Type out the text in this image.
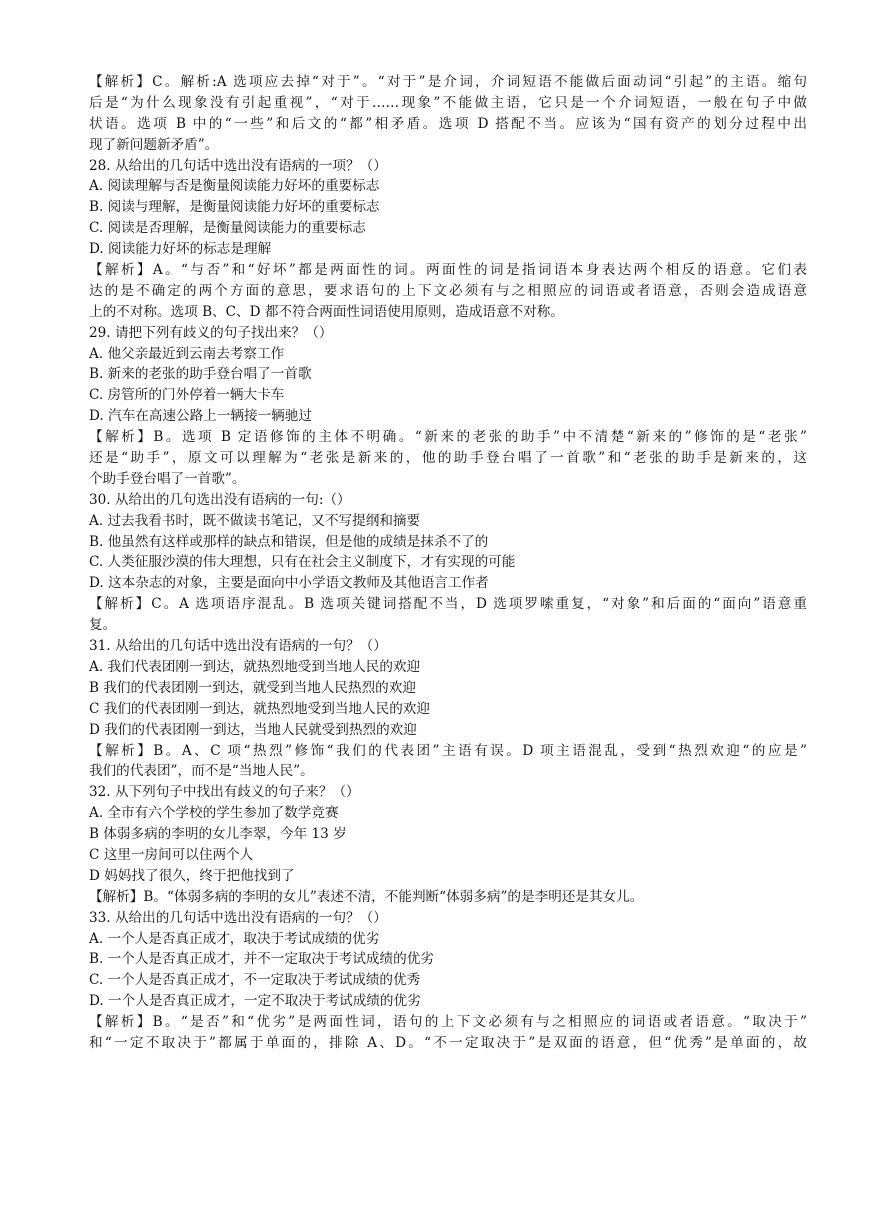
【解析】C。解析:A 选项应去掉“对于”。“对于”是介词，介词短语不能做后面动词“引起”的主语。缩句
后是“为什么现象没有引起重视”，“对于……现象”不能做主语，它只是一个介词短语，一般在句子中做
状语。选项 B 中的“一些”和后文的“都”相矛盾。选项 D 搭配不当。应该为“国有资产的划分过程中出
现了新问题新矛盾”。
28. 从给出的几句话中选出没有语病的一项？（）
A. 阅读理解与否是衡量阅读能力好坏的重要标志
B. 阅读与理解，是衡量阅读能力好坏的重要标志
C. 阅读是否理解，是衡量阅读能力的重要标志
D. 阅读能力好坏的标志是理解
【解析】A。“与否”和“好坏”都是两面性的词。两面性的词是指词语本身表达两个相反的语意。它们表
达的是不确定的两个方面的意思，要求语句的上下文必须有与之相照应的词语或者语意，否则会造成语意
上的不对称。选项 B、C、D 都不符合两面性词语使用原则，造成语意不对称。
29. 请把下列有歧义的句子找出来？（）
A. 他父亲最近到云南去考察工作
B. 新来的老张的助手登台唱了一首歌
C. 房管所的门外停着一辆大卡车
D. 汽车在高速公路上一辆接一辆驰过
【解析】B。选项 B 定语修饰的主体不明确。“新来的老张的助手”中不清楚“新来的”修饰的是“老张”
还是“助手”，原文可以理解为“老张是新来的，他的助手登台唱了一首歌”和“老张的助手是新来的，这
个助手登台唱了一首歌”。
30. 从给出的几句选出没有语病的一句:（）
A. 过去我看书时，既不做读书笔记，又不写提纲和摘要
B. 他虽然有这样或那样的缺点和错误，但是他的成绩是抹杀不了的
C. 人类征服沙漠的伟大理想，只有在社会主义制度下，才有实现的可能
D. 这本杂志的对象，主要是面向中小学语文教师及其他语言工作者
【解析】C。A 选项语序混乱。B 选项关键词搭配不当，D 选项罗嗦重复，“对象”和后面的“面向”语意重
复。
31. 从给出的几句话中选出没有语病的一句？（）
A. 我们代表团刚一到达，就热烈地受到当地人民的欢迎
B 我们的代表团刚一到达，就受到当地人民热烈的欢迎
C 我们的代表团刚一到达，就热烈地受到当地人民的欢迎
D 我们的代表团刚一到达，当地人民就受到热烈的欢迎
【解析】B。A、C 项“热烈”修饰“我们的代表团”主语有误。D 项主语混乱，受到“热烈欢迎“的应是”
我们的代表团”，而不是“当地人民”。
32. 从下列句子中找出有歧义的句子来？（）
A. 全市有六个学校的学生参加了数学竞赛
B 体弱多病的李明的女儿李翠，今年 13 岁
C 这里一房间可以住两个人
D 妈妈找了很久，终于把他找到了
【解析】B。“体弱多病的李明的女儿”表述不清，不能判断“体弱多病”的是李明还是其女儿。
33. 从给出的几句话中选出没有语病的一句？（）
A. 一个人是否真正成才，取决于考试成绩的优劣
B. 一个人是否真正成才，并不一定取决于考试成绩的优劣
C. 一个人是否真正成才，不一定取决于考试成绩的优秀
D. 一个人是否真正成才，一定不取决于考试成绩的优劣
【解析】B。“是否”和“优劣”是两面性词，语句的上下文必须有与之相照应的词语或者语意。“取决于”
和“一定不取决于”都属于单面的，排除 A、D。“不一定取决于”是双面的语意，但“优秀”是单面的，故
